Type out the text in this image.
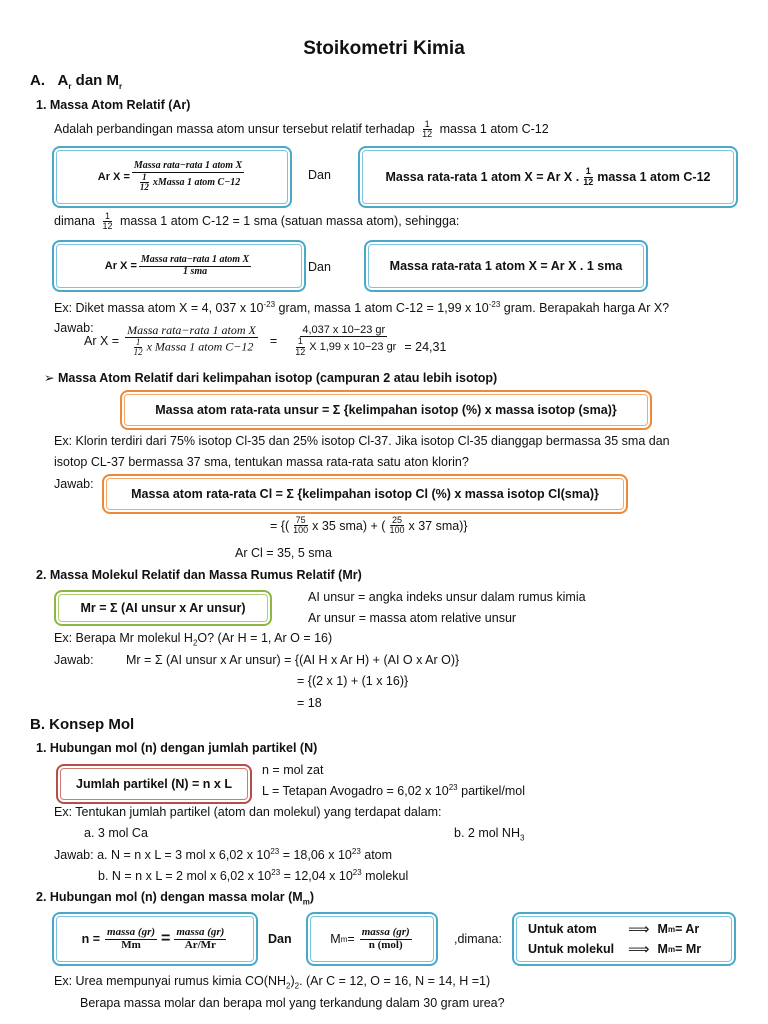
Stoikometri Kimia
A. $A_r$ dan $M_r$
1. Massa Atom Relatif (Ar)
Adalah perbandingan massa atom unsur tersebut relatif terhadap $\frac{1}{12}$ massa 1 atom C-12
Ar $X = \frac{\text{Massa rata−rata 1 atom X}}{\frac{1}{12} xMassa 1 atom C-12}$	Dan	Massa rata-rata 1 atom X = Ar X . $\frac{1}{12}$ massa 1 atom C-12
dimana $\frac{1}{12}$ massa 1 atom C-12 = 1 sma (satuan massa atom), sehingga:
Ar $X = \frac{\text{Massa rata−rata 1 atom X}}{\text{1 sma}}$	Dan	Massa rata-rata 1 atom X = Ar X . 1 sma
Ex: Diket massa atom X = 4, 037 x $10^{-23}$ gram, massa 1 atom C-12 = 1,99 x $10^{-23}$ gram. Berapakah harga Ar X?
Jawab:
Ar $X = \frac{\text{Massa rata−rata 1 atom X}}{\frac{1}{12} x Massa 1 atom C-12} = \frac{4,037 x 10-23 gr}{\frac{1}{12} X 1,99 x 10-23 gr} = 24,31$
➢ Massa Atom Relatif dari kelimpahan isotop (campuran 2 atau lebih isotop)
Massa atom rata-rata unsur = Σ {kelimpahan isotop (%) x massa isotop (sma)}
Ex: Klorin terdiri dari 75% isotop Cl-35 dan 25% isotop Cl-37. Jika isotop Cl-35 dianggap bermassa 35 sma dan
isotop CL-37 bermassa 37 sma, tentukan massa rata-rata satu aton klorin?
Jawab:
Massa atom rata-rata Cl = Σ {kelimpahan isotop Cl (%) x massa isotop Cl(sma)}
= {( $\frac{75}{100}$ x 35 sma) + ( $\frac{25}{100}$ x 37 sma)}
Ar Cl = 35, 5 sma
2. Massa Molekul Relatif dan Massa Rumus Relatif (Mr)
Mr = Σ (AI unsur x Ar unsur)
AI unsur = angka indeks unsur dalam rumus kimia
Ar unsur = massa atom relative unsur
Ex: Berapa Mr molekul $H_2O$? (Ar H = 1, Ar O = 16)
Jawab:	Mr = Σ (AI unsur x Ar unsur) = {(AI H x Ar H) + (AI O x Ar O)}
= {(2 x 1) + (1 x 16)}
= 18
B. Konsep Mol
1. Hubungan mol (n) dengan jumlah partikel (N)
Jumlah partikel (N) = n x L
n = mol zat
L = Tetapan Avogadro = 6,02 x $10^{23}$ partikel/mol
Ex: Tentukan jumlah partikel (atom dan molekul) yang terdapat dalam:
a. 3 mol Ca	b. 2 mol $NH_3$
Jawab: a. N = n x L = 3 mol x 6,02 x $10^{23} = 18,06$ x $10^{23}$ atom
b. N = n x L = 2 mol x 6,02 x $10^{23} = 12,04$ x $10^{23}$ molekul
2. Hubungan mol (n) dengan massa molar $(M_m)$
$n = \frac{\text{massa (gr)}}{Mm} = \frac{\text{massa (gr)}}{Ar/Mr}$	Dan	M $m = \frac{\text{massa (gr)}}{\text{n (mol)}}$	,dimana:
Untuk atom	⟹ M m = Ar
Untuk molekul ⟹ M m = Mr
Ex: Urea mempunyai rumus kimia $CO(NH_2)_2$. (Ar C = 12, O = 16, N = 14, H =1)
Berapa massa molar dan berapa mol yang terkandung dalam 30 gram urea?
